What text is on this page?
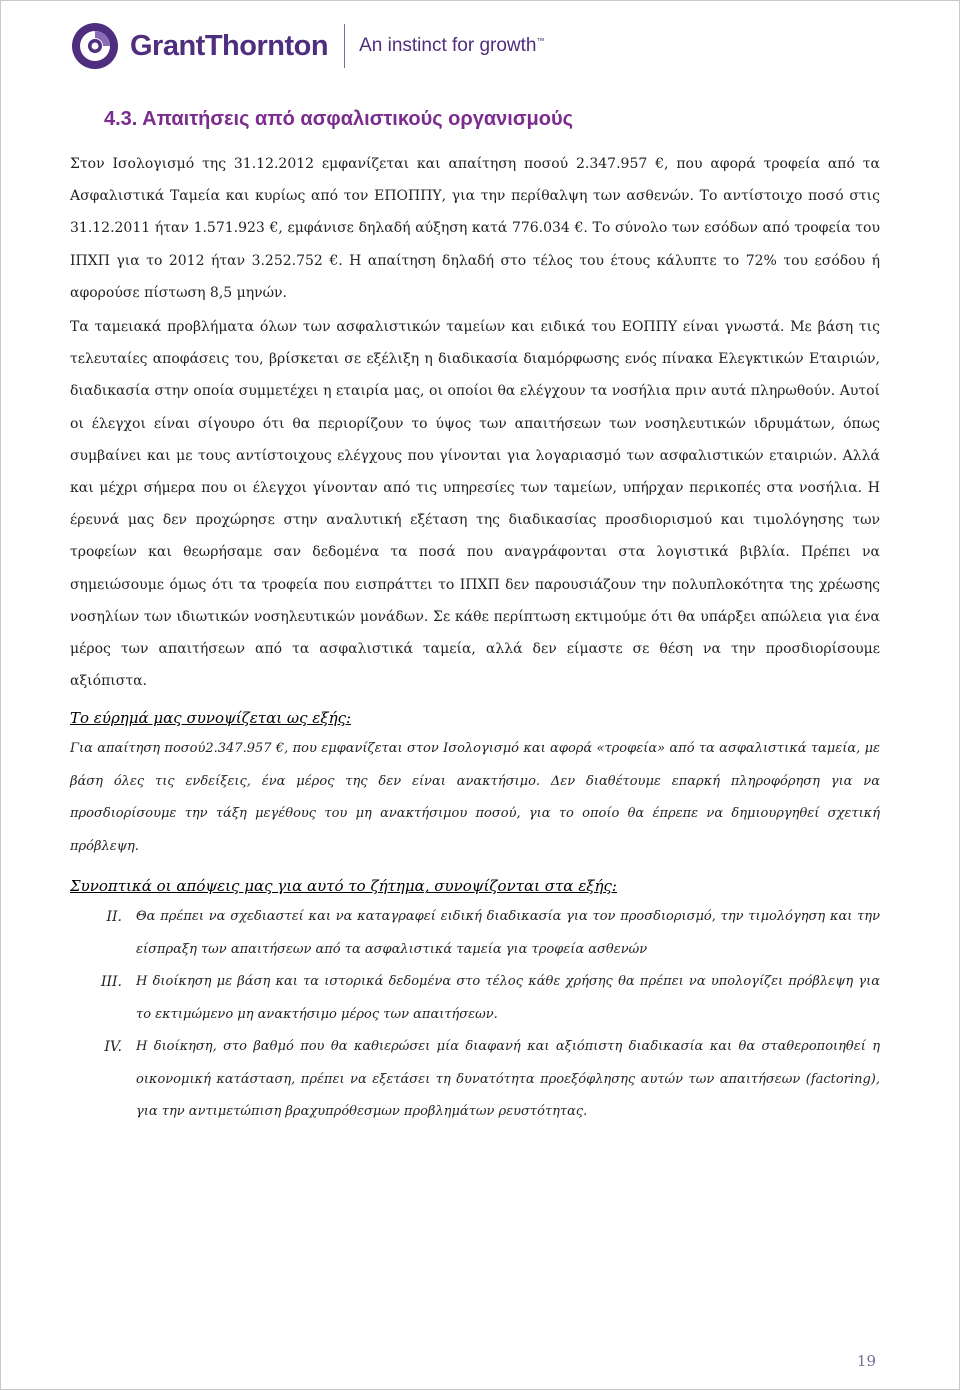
GrantThornton An instinct for growth™
4.3. Απαιτήσεις από ασφαλιστικούς οργανισμούς

Στον Ισολογισμό της 31.12.2012 εμφανίζεται και απαίτηση ποσού 2.347.957 €, που αφορά τροφεία από τα Ασφαλιστικά Ταμεία και κυρίως από τον ΕΠΟΠΠΥ, για την περίθαλψη των ασθενών. Το αντίστοιχο ποσό στις 31.12.2011 ήταν 1.571.923 €, εμφάνισε δηλαδή αύξηση κατά 776.034 €. Το σύνολο των εσόδων από τροφεία του ΙΠΧΠ για το 2012 ήταν 3.252.752 €. Η απαίτηση δηλαδή στο τέλος του έτους κάλυπτε το 72% του εσόδου ή αφορούσε πίστωση 8,5 μηνών.

Τα ταμειακά προβλήματα όλων των ασφαλιστικών ταμείων και ειδικά του ΕΟΠΠΥ είναι γνωστά. Με βάση τις τελευταίες αποφάσεις του, βρίσκεται σε εξέλιξη η διαδικασία διαμόρφωσης ενός πίνακα Ελεγκτικών Εταιριών, διαδικασία στην οποία συμμετέχει η εταιρία μας, οι οποίοι θα ελέγχουν τα νοσήλια πριν αυτά πληρωθούν. Αυτοί οι έλεγχοι είναι σίγουρο ότι θα περιορίζουν το ύψος των απαιτήσεων των νοσηλευτικών ιδρυμάτων, όπως συμβαίνει και με τους αντίστοιχους ελέγχους που γίνονται για λογαριασμό των ασφαλιστικών εταιριών. Αλλά και μέχρι σήμερα που οι έλεγχοι γίνονταν από τις υπηρεσίες των ταμείων, υπήρχαν περικοπές στα νοσήλια. Η έρευνά μας δεν προχώρησε στην αναλυτική εξέταση της διαδικασίας προσδιορισμού και τιμολόγησης των τροφείων και θεωρήσαμε σαν δεδομένα τα ποσά που αναγράφονται στα λογιστικά βιβλία. Πρέπει να σημειώσουμε όμως ότι τα τροφεία που εισπράττει το ΙΠΧΠ δεν παρουσιάζουν την πολυπλοκότητα της χρέωσης νοσηλίων των ιδιωτικών νοσηλευτικών μονάδων. Σε κάθε περίπτωση εκτιμούμε ότι θα υπάρξει απώλεια για ένα μέρος των απαιτήσεων από τα ασφαλιστικά ταμεία, αλλά δεν είμαστε σε θέση να την προσδιορίσουμε αξιόπιστα.

Το εύρημά μας συνοψίζεται ως εξής:

Για απαίτηση ποσού2.347.957 €, που εμφανίζεται στον Ισολογισμό και αφορά «τροφεία» από τα ασφαλιστικά ταμεία, με βάση όλες τις ενδείξεις, ένα μέρος της δεν είναι ανακτήσιμο. Δεν διαθέτουμε επαρκή πληροφόρηση για να προσδιορίσουμε την τάξη μεγέθους του μη ανακτήσιμου ποσού, για το οποίο θα έπρεπε να δημιουργηθεί σχετική πρόβλεψη.

Συνοπτικά οι απόψεις μας για αυτό το ζήτημα, συνοψίζονται στα εξής:

II.	Θα πρέπει να σχεδιαστεί και να καταγραφεί ειδική διαδικασία για τον προσδιορισμό, την τιμολόγηση και την είσπραξη των απαιτήσεων από τα ασφαλιστικά ταμεία για τροφεία ασθενών
III.	Η διοίκηση με βάση και τα ιστορικά δεδομένα στο τέλος κάθε χρήσης θα πρέπει να υπολογίζει πρόβλεψη για το εκτιμώμενο μη ανακτήσιμο μέρος των απαιτήσεων.
IV.	Η διοίκηση, στο βαθμό που θα καθιερώσει μία διαφανή και αξιόπιστη διαδικασία και θα σταθεροποιηθεί η οικονομική κατάσταση, πρέπει να εξετάσει τη δυνατότητα προεξόφλησης αυτών των απαιτήσεων (factoring), για την αντιμετώπιση βραχυπρόθεσμων προβλημάτων ρευστότητας.
19
